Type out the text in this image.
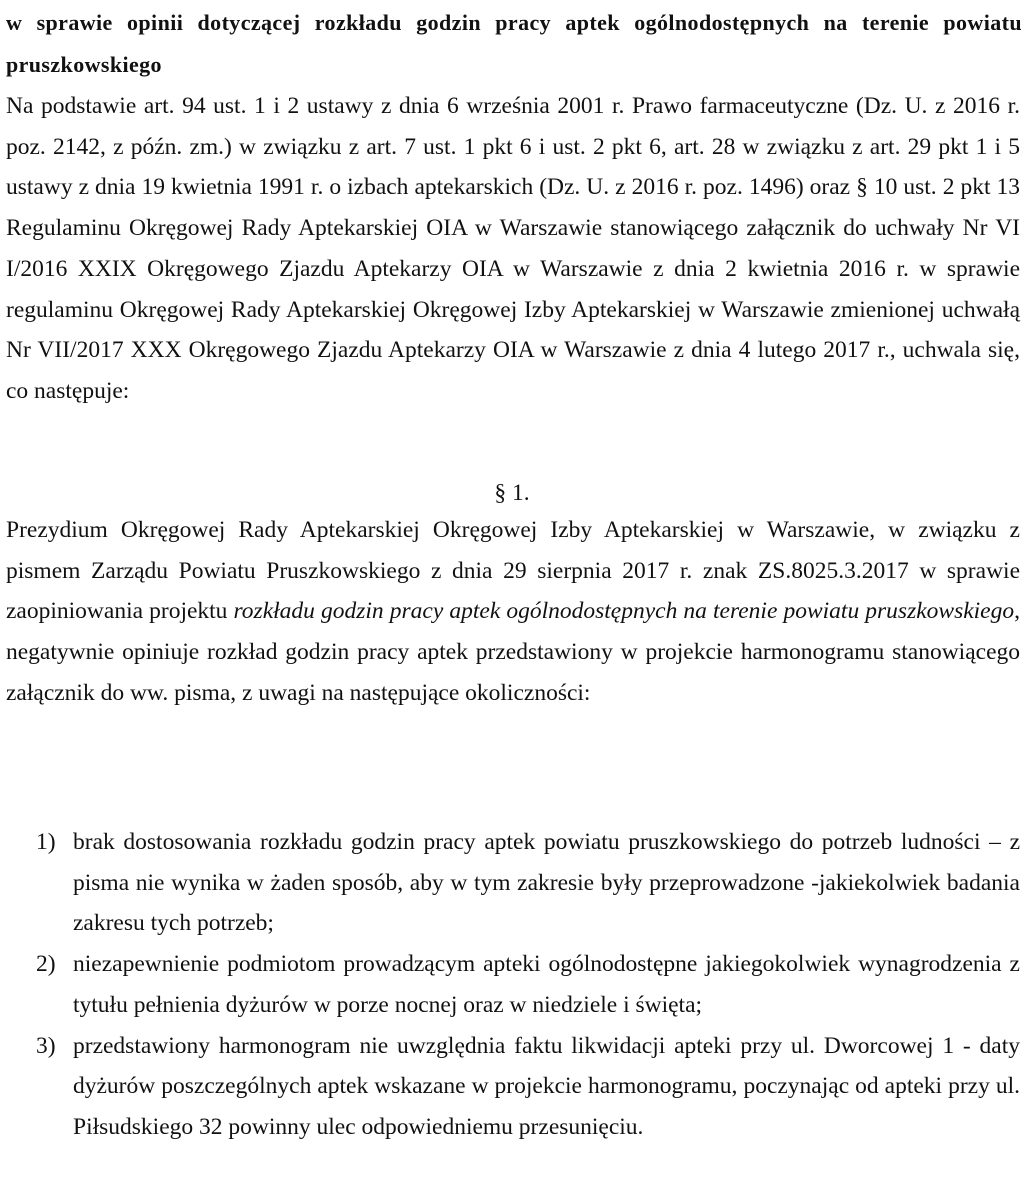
w sprawie opinii dotyczącej rozkładu godzin pracy aptek ogólnodostępnych na terenie powiatu pruszkowskiego
Na podstawie art. 94 ust. 1 i 2 ustawy z dnia 6 września 2001 r. Prawo farmaceutyczne (Dz. U. z 2016 r. poz. 2142, z późn. zm.) w związku z art. 7 ust. 1 pkt 6 i ust. 2 pkt 6, art. 28 w związku z art. 29 pkt 1 i 5 ustawy z dnia 19 kwietnia 1991 r. o izbach aptekarskich (Dz. U. z 2016 r. poz. 1496) oraz § 10 ust. 2 pkt 13 Regulaminu Okręgowej Rady Aptekarskiej OIA w Warszawie stanowiącego załącznik do uchwały Nr VI I/2016 XXIX Okręgowego Zjazdu Aptekarzy OIA w Warszawie z dnia 2 kwietnia 2016 r. w sprawie regulaminu Okręgowej Rady Aptekarskiej Okręgowej Izby Aptekarskiej w Warszawie zmienionej uchwałą Nr VII/2017 XXX Okręgowego Zjazdu Aptekarzy OIA w Warszawie z dnia 4 lutego 2017 r., uchwala się, co następuje:
§ 1.
Prezydium Okręgowej Rady Aptekarskiej Okręgowej Izby Aptekarskiej w Warszawie, w związku z pismem Zarządu Powiatu Pruszkowskiego z dnia 29 sierpnia 2017 r. znak ZS.8025.3.2017 w sprawie zaopiniowania projektu rozkładu godzin pracy aptek ogólnodostępnych na terenie powiatu pruszkowskiego, negatywnie opiniuje rozkład godzin pracy aptek przedstawiony w projekcie harmonogramu stanowiącego załącznik do ww. pisma, z uwagi na następujące okoliczności:
1) brak dostosowania rozkładu godzin pracy aptek powiatu pruszkowskiego do potrzeb ludności – z pisma nie wynika w żaden sposób, aby w tym zakresie były przeprowadzone -jakiekolwiek badania zakresu tych potrzeb;
2) niezapewnienie podmiotom prowadzącym apteki ogólnodostępne jakiegokolwiek wynagrodzenia z tytułu pełnienia dyżurów w porze nocnej oraz w niedziele i święta;
3) przedstawiony harmonogram nie uwzględnia faktu likwidacji apteki przy ul. Dworcowej 1 - daty dyżurów poszczególnych aptek wskazane w projekcie harmonogramu, poczynając od apteki przy ul. Piłsudskiego 32 powinny ulec odpowiedniemu przesunięciu.
